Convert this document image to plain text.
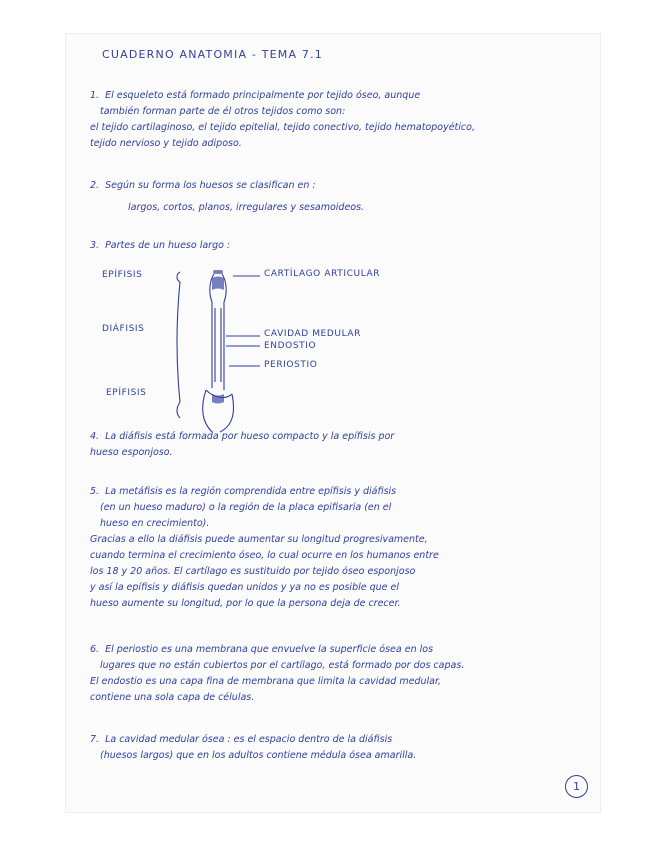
CUADERNO ANATOMIA - TEMA 7.1
1. El esqueleto está formado principalmente por tejido óseo, aunque
también forman parte de él otros tejidos como son:
el tejido cartilaginoso, el tejido epitelial, tejido conectivo, tejido hematopoyético,
tejido nervioso y tejido adiposo.
2. Según su forma los huesos se clasifican en :
largos, cortos, planos, irregulares y sesamoideos.
3. Partes de un hueso largo :
EPÍFISIS
DIÁFISIS
EPÍFISIS
CARTÍLAGO ARTICULAR
CAVIDAD MEDULAR
ENDOSTIO
PERIOSTIO
4. La diáfisis está formada por hueso compacto y la epífisis por
hueso esponjoso.
5. La metáfisis es la región comprendida entre epífisis y diáfisis
(en un hueso maduro) o la región de la placa epifisaria (en el
hueso en crecimiento).
Gracias a ello la diáfisis puede aumentar su longitud progresivamente,
cuando termina el crecimiento óseo, lo cual ocurre en los humanos entre
los 18 y 20 años. El cartílago es sustituido por tejido óseo esponjoso
y así la epífisis y diáfisis quedan unidos y ya no es posible que el
hueso aumente su longitud, por lo que la persona deja de crecer.
6. El periostio es una membrana que envuelve la superficie ósea en los
lugares que no están cubiertos por el cartílago, está formado por dos capas.
El endostio es una capa fina de membrana que limita la cavidad medular,
contiene una sola capa de células.
7. La cavidad medular ósea : es el espacio dentro de la diáfisis
(huesos largos) que en los adultos contiene médula ósea amarilla.
1
